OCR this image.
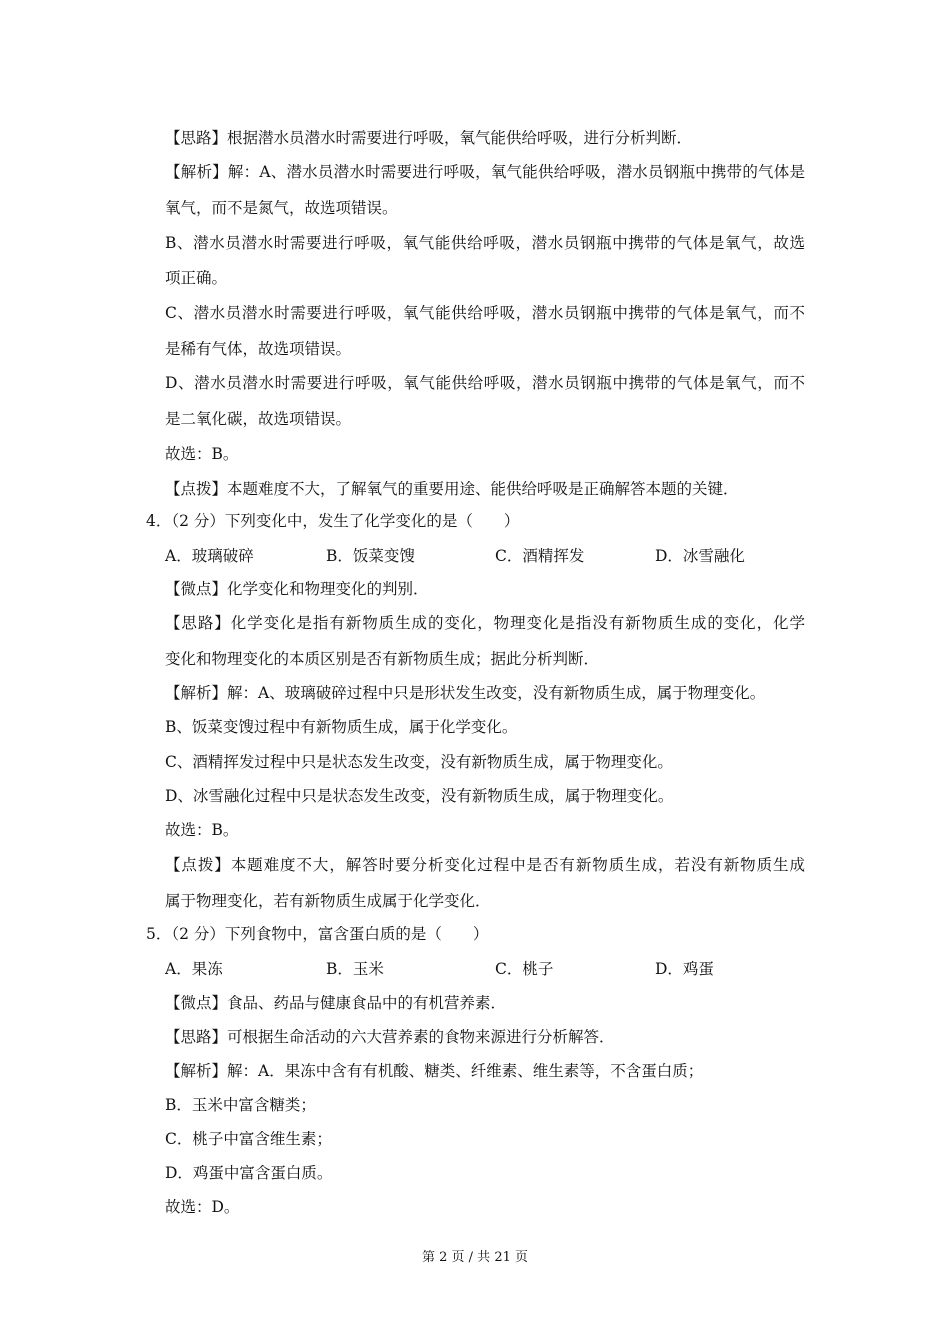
【思路】根据潜水员潜水时需要进行呼吸，氧气能供给呼吸，进行分析判断．
【解析】解：A、潜水员潜水时需要进行呼吸，氧气能供给呼吸，潜水员钢瓶中携带的气体是
氧气，而不是氮气，故选项错误。
B、潜水员潜水时需要进行呼吸，氧气能供给呼吸，潜水员钢瓶中携带的气体是氧气，故选
项正确。
C、潜水员潜水时需要进行呼吸，氧气能供给呼吸，潜水员钢瓶中携带的气体是氧气，而不
是稀有气体，故选项错误。
D、潜水员潜水时需要进行呼吸，氧气能供给呼吸，潜水员钢瓶中携带的气体是氧气，而不
是二氧化碳，故选项错误。
故选：B。
【点拨】本题难度不大，了解氧气的重要用途、能供给呼吸是正确解答本题的关键．
4．（2 分）下列变化中，发生了化学变化的是（　　）
A．玻璃破碎	B．饭菜变馊	C．酒精挥发	D．冰雪融化
【微点】化学变化和物理变化的判别．
【思路】化学变化是指有新物质生成的变化，物理变化是指没有新物质生成的变化，化学
变化和物理变化的本质区别是否有新物质生成；据此分析判断．
【解析】解：A、玻璃破碎过程中只是形状发生改变，没有新物质生成，属于物理变化。
B、饭菜变馊过程中有新物质生成，属于化学变化。
C、酒精挥发过程中只是状态发生改变，没有新物质生成，属于物理变化。
D、冰雪融化过程中只是状态发生改变，没有新物质生成，属于物理变化。
故选：B。
【点拨】本题难度不大，解答时要分析变化过程中是否有新物质生成，若没有新物质生成
属于物理变化，若有新物质生成属于化学变化．
5．（2 分）下列食物中，富含蛋白质的是（　　）
A．果冻	B．玉米	C．桃子	D．鸡蛋
【微点】食品、药品与健康食品中的有机营养素．
【思路】可根据生命活动的六大营养素的食物来源进行分析解答．
【解析】解：A．果冻中含有有机酸、糖类、纤维素、维生素等，不含蛋白质；
B．玉米中富含糖类；
C．桃子中富含维生素；
D．鸡蛋中富含蛋白质。
故选：D。
第 2 页 / 共 21 页
